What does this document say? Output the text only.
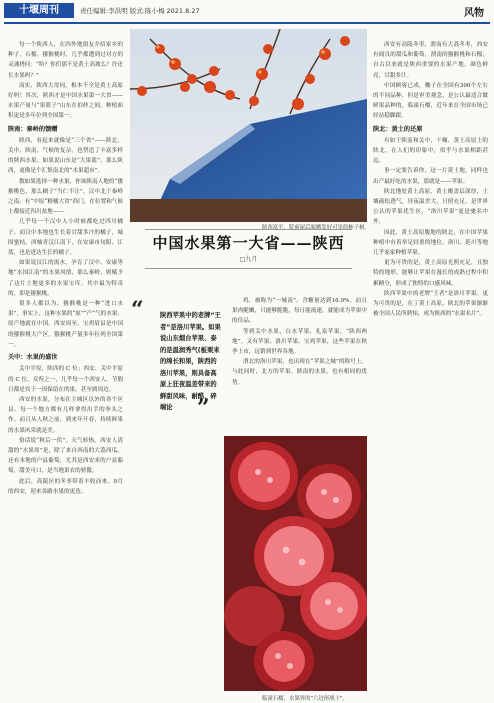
十堰周刊	责任编辑:李洪明 版式:陈小梅 2021.8.27	风物

每一个陕西人，在四外地朋友介绍家乡的种子。石榴、猕猴桃时，几乎都遭到过对方的灵魂拷问：“哈？你们那不是黄土高坡么？许还长水果吗？”

而实，陕西大母同，根本不全是黄土高原好吗！其次，陕西才是中国水果第一大省——水果产量与“果篮子”山东在伯仲之间，种植面积更是多年位列全国第一。

陕南：秦岭的馈赠

陕西，看起来就像是“三个省”——陕北，关中、陕南。气候的复杂，也塑造了丰富多样的陕西水果。如果说山东是“大果篮”，那么陕西，更像是个汇集南北的“水果超市”。

数如果选择一种水果，你该陕南人地的“猕猴桃色，那么橘子“当仁不让”。汉中北于秦岭之南，有“中原“粮桶大省”西门，在位置和气候上都接近四川盆地——

几乎每一个汉中人小时候都吃过四川橘子。而汉中本地也生长着甘甜多汁的橘子，城固蜜桔、西柚青汉江南下，在安康市旬阳、江蓝，也是进达生长的橘子。

如果说汉江的流水，孕育了汉中、安康等地“水国江南”的水果风情，那么秦岭，则赋予了这片土地更多的水果宝库。其中最为特奇的，即是猕猴桃。

很多人都以为，猕猴桃是一种“进口水果”，事实上，这种水果的“原”“产“气的水果，原产地就在中国。西安周至、宝鸡眉县是中国的猕猴桃大产区，猕猴桃产量多年位列全国第一。

关中：水果的盛世

关中平原，陕西的 C 位；西安、关中平原的 C 位。众所之一，几乎每一个西安人，节假日都是宾于一因保留在的果，甚至到周边。

西安的水果，分布在主城区以外的各个区县。每一个地方都有几样拿得出手的拳头之作。而且从人秋之前，到来年开春，持续鲜果的水果风采就是美。

俗话说“秋后一伏”。天气转热，西安人清甜的“水果周”是，除了来自西南的大荔西瓜，还有本地的户县葡萄，尤其是西安来的户县葡萄，甜美可口，是当地果农的骄傲。

此后，高陵区的冬枣带着丰收而来。9月的西安，迎来各路水果的更迭。

陕西富平，院前屋后晾晒发好可见的柿子树。
中国水果第一大省——陕西
□九月
“	陕西苹果中的老牌“王者”是洛川苹果。如果说山东烟台苹果、泰的是温润秀气(板栗来的绵长和果，陕西的洛川苹果，则具备高原上狂夜温差带来的鲜甜风味，耐酷、碎端论	”

鸡，被称为“一城南”。含糖量达到16.9%，而且果肉脆嫩，只能够脆脆，每日能流速，就能成为苹果中的佳品。

等到关中水果，白水苹果、礼泉苹果，“陕西两地”。又有苹果、洛川苹果、宝鸡苹果，这些苹果在秋季上市，远销到世界各地。

渭北的洛川苹果，也出现在“苹果之城”的称号上。与此同时，北方的苹果、陕南的水果，也有相同的优势。

临潼石榴，水果界的"六边形战士"。

西安有高陵冬枣，渭南有大荔冬枣，西安有阎良的甜瓜和葡萄，渭南的猕猴桃和石榴，自古以来就是陕西重要的水果产地，颜色鲜亮，甘甜多汁。

中国顾客已成，椭子在全国有300个左右的不同品种，但是审美观念，是公认最适合做鲜果品种的，临潼石榴，近年来在全国市场已经站稳脚跟。

陕北：黄土的还原

有如于陕南和关中，干燥、黄土高原上的陕北，在人们的印象中，似乎与水果相距甚远。

事一定要告诉你，这一片黄土地，同样也出产最好吃的水果，那就是——苹果。

陕北地处黄土高原，黄土覆盖层深厚，土壤疏松透气，昼夜温差大，日照充足，是世界公认的苹果优生区，“洛川苹果”更是驰名中外。

因此，黄土高原腹地的陕北，在中国苹果种植中有着举足轻重的地位，洛川、延川等地几乎家家种植苹果。

更为可贵的是，黄土高原光照充足，且独特的地形，能够让苹果在漫长的成熟过程中积累糖分，形成了独特的口感风味。

陕西苹果中的老牌“王者”是洛川苹果。更为可贵的是，在丁黄土高原，陕北的苹果渐渐被全国人民所熟知，成为陕西的“水果名片”。
